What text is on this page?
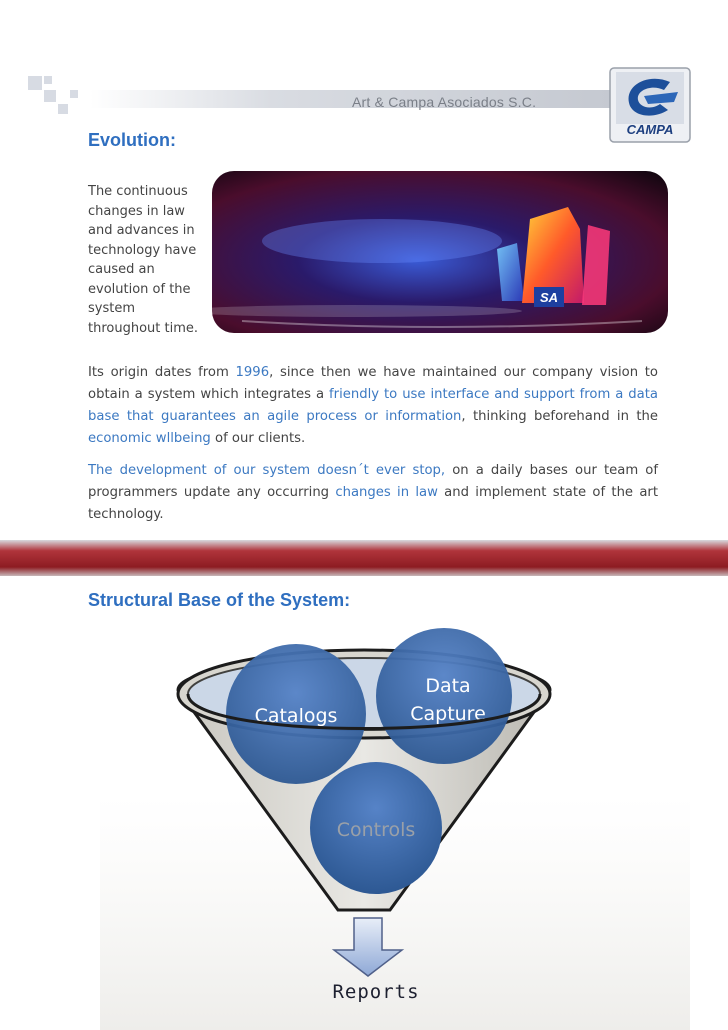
Art & Campa Asociados S.C.
CAMPA
Evolution:

The continuous
changes in law
and advances in
technology have
caused an
evolution of the
system
throughout time.

SA

Its origin dates from 1996, since then we have maintained our company vision to obtain a system which integrates a friendly to use interface and support from a data base that guarantees an agile process or information, thinking beforehand in the economic wllbeing of our clients.

The development of our system doesn´t ever stop, on a daily bases our team of programmers update any occurring changes in law and implement state of the art technology.

Structural Base of the System:
Catalogs
Data
Capture
Controls
Reports
